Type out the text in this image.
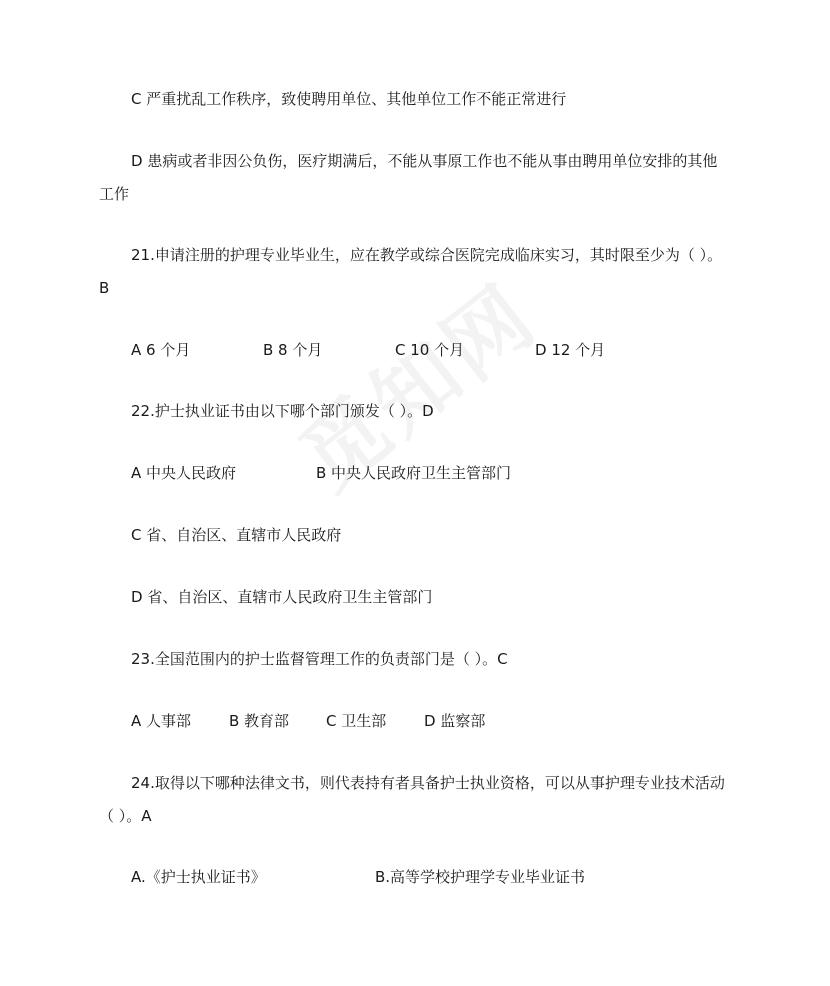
C 严重扰乱工作秩序，致使聘用单位、其他单位工作不能正常进行

D 患病或者非因公负伤，医疗期满后，不能从事原工作也不能从事由聘用单位安排的其他

工作

21.申请注册的护理专业毕业生，应在教学或综合医院完成临床实习，其时限至少为（ ）。

B

A 6 个月	B 8 个月	C 10 个月	D 12 个月

22.护士执业证书由以下哪个部门颁发（ ）。D

A 中央人民政府	B 中央人民政府卫生主管部门

C 省、自治区、直辖市人民政府

D 省、自治区、直辖市人民政府卫生主管部门

23.全国范围内的护士监督管理工作的负责部门是（ ）。C

A 人事部	B 教育部 C 卫生部	D 监察部

24.取得以下哪种法律文书，则代表持有者具备护士执业资格，可以从事护理专业技术活动

（ ）。A

A.《护士执业证书》	B.高等学校护理学专业毕业证书
